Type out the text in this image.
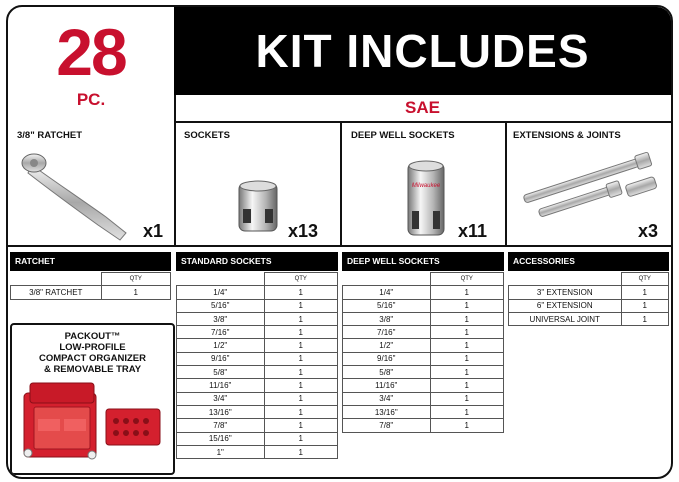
28
PC.
KIT INCLUDES
SAE
3/8" RATCHET
x1
SOCKETS
x13
DEEP WELL SOCKETS
Milwaukee
x11
EXTENSIONS & JOINTS
x3
RATCHET
	QTY
3/8" RATCHET	1
STANDARD SOCKETS
	QTY
1/4"	1
5/16"	1
3/8"	1
7/16"	1
1/2"	1
9/16"	1
5/8"	1
11/16"	1
3/4"	1
13/16"	1
7/8"	1
15/16"	1
1"	1
DEEP WELL SOCKETS
	QTY
1/4"	1
5/16"	1
3/8"	1
7/16"	1
1/2"	1
9/16"	1
5/8"	1
11/16"	1
3/4"	1
13/16"	1
7/8"	1
ACCESSORIES
	QTY
3" EXTENSION	1
6" EXTENSION	1
UNIVERSAL JOINT	1
PACKOUT™
LOW-PROFILE
COMPACT ORGANIZER
& REMOVABLE TRAY
